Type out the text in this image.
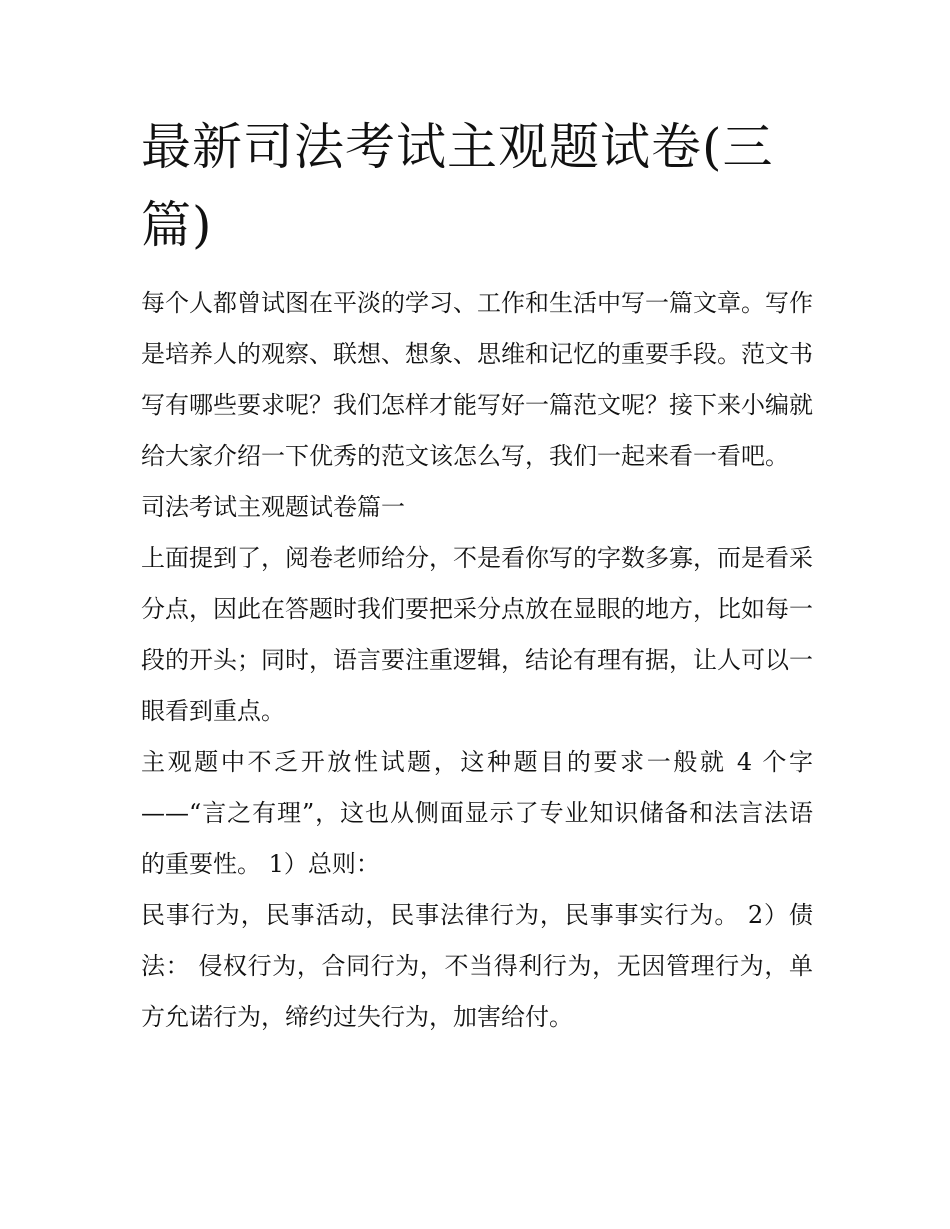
最新司法考试主观题试卷(三篇)

每个人都曾试图在平淡的学习、工作和生活中写一篇文章。写作是培养人的观察、联想、想象、思维和记忆的重要手段。范文书写有哪些要求呢？我们怎样才能写好一篇范文呢？接下来小编就给大家介绍一下优秀的范文该怎么写，我们一起来看一看吧。

司法考试主观题试卷篇一

上面提到了，阅卷老师给分，不是看你写的字数多寡，而是看采分点，因此在答题时我们要把采分点放在显眼的地方，比如每一段的开头；同时，语言要注重逻辑，结论有理有据，让人可以一眼看到重点。

主观题中不乏开放性试题，这种题目的要求一般就 4 个字——“言之有理”，这也从侧面显示了专业知识储备和法言法语的重要性。 1）总则：

民事行为，民事活动，民事法律行为，民事事实行为。 2）债法： 侵权行为，合同行为，不当得利行为，无因管理行为，单方允诺行为，缔约过失行为，加害给付。
